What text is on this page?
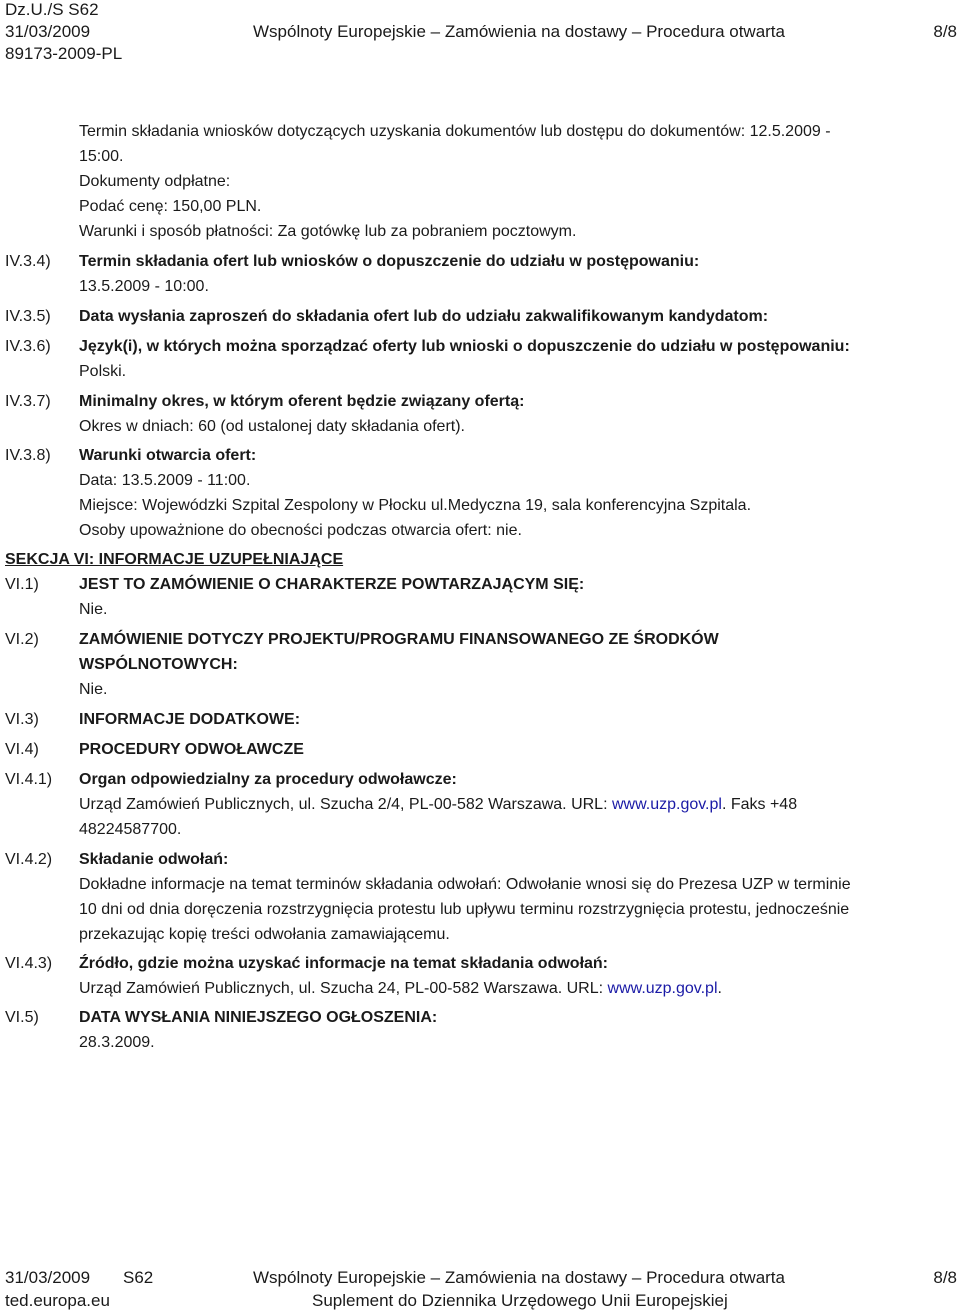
Dz.U./S S62
31/03/2009	Wspólnoty Europejskie – Zamówienia na dostawy – Procedura otwarta	8/8
89173-2009-PL
Termin składania wniosków dotyczących uzyskania dokumentów lub dostępu do dokumentów: 12.5.2009 -
15:00.
Dokumenty odpłatne:
Podać cenę: 150,00 PLN.
Warunki i sposób płatności: Za gotówkę lub za pobraniem pocztowym.
IV.3.4) Termin składania ofert lub wniosków o dopuszczenie do udziału w postępowaniu:
13.5.2009 - 10:00.
IV.3.5) Data wysłania zaproszeń do składania ofert lub do udziału zakwalifikowanym kandydatom:
IV.3.6) Język(i), w których można sporządzać oferty lub wnioski o dopuszczenie do udziału w postępowaniu:
Polski.
IV.3.7) Minimalny okres, w którym oferent będzie związany ofertą:
Okres w dniach: 60 (od ustalonej daty składania ofert).
IV.3.8) Warunki otwarcia ofert:
Data: 13.5.2009 - 11:00.
Miejsce: Wojewódzki Szpital Zespolony w Płocku ul.Medyczna 19, sala konferencyjna Szpitala.
Osoby upoważnione do obecności podczas otwarcia ofert: nie.
SEKCJA VI: INFORMACJE UZUPEŁNIAJĄCE
VI.1)	JEST TO ZAMÓWIENIE O CHARAKTERZE POWTARZAJĄCYM SIĘ:
Nie.
VI.2)	ZAMÓWIENIE DOTYCZY PROJEKTU/PROGRAMU FINANSOWANEGO ZE ŚRODKÓW
WSPÓLNOTOWYCH:
Nie.
VI.3)	INFORMACJE DODATKOWE:
VI.4)	PROCEDURY ODWOŁAWCZE
VI.4.1) Organ odpowiedzialny za procedury odwoławcze:
Urząd Zamówień Publicznych, ul. Szucha 2/4, PL-00-582 Warszawa. URL: www.uzp.gov.pl. Faks +48
48224587700.
VI.4.2) Składanie odwołań:
Dokładne informacje na temat terminów składania odwołań: Odwołanie wnosi się do Prezesa UZP w terminie
10 dni od dnia doręczenia rozstrzygnięcia protestu lub upływu terminu rozstrzygnięcia protestu, jednocześnie
przekazując kopię treści odwołania zamawiającemu.
VI.4.3) Źródło, gdzie można uzyskać informacje na temat składania odwołań:
Urząd Zamówień Publicznych, ul. Szucha 24, PL-00-582 Warszawa. URL: www.uzp.gov.pl.
VI.5)	DATA WYSŁANIA NINIEJSZEGO OGŁOSZENIA:
28.3.2009.
31/03/2009 S62	Wspólnoty Europejskie – Zamówienia na dostawy – Procedura otwarta	8/8
ted.europa.eu	Suplement do Dziennika Urzędowego Unii Europejskiej
